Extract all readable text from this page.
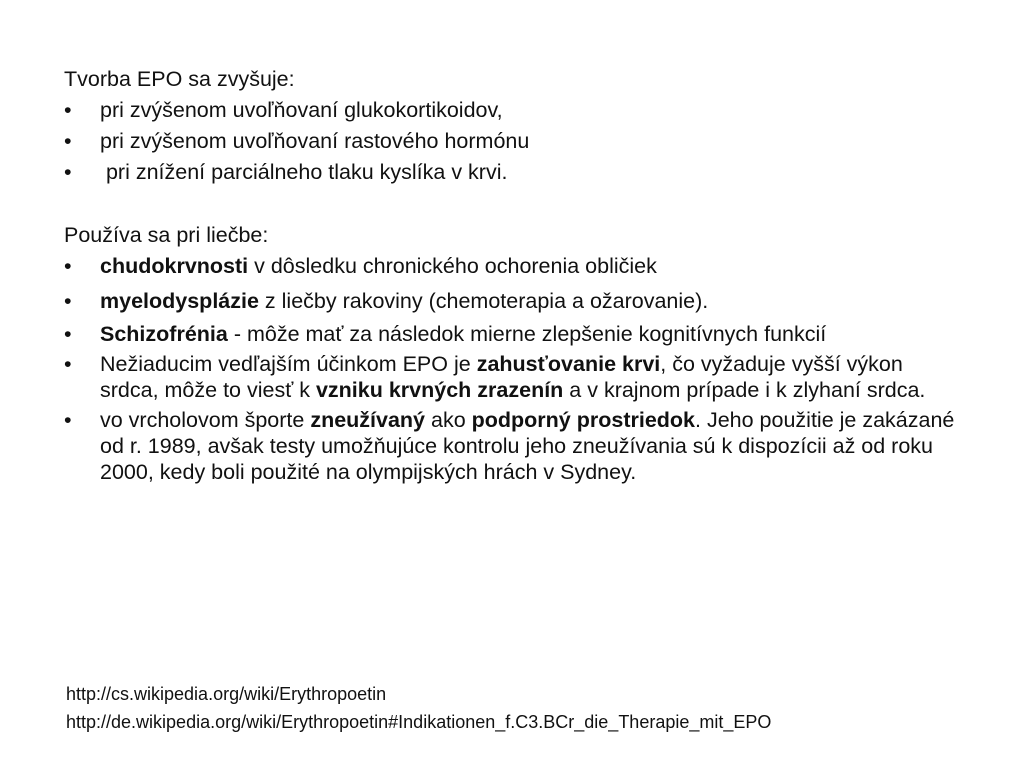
Tvorba EPO sa zvyšuje:

• pri zvýšenom uvoľňovaní glukokortikoidov,
• pri zvýšenom uvoľňovaní rastového hormónu
• pri znížení parciálneho tlaku kyslíka v krvi.

Používa sa pri liečbe:

• chudokrvnosti v dôsledku chronického ochorenia obličiek
• myelodysplázie z liečby rakoviny (chemoterapia a ožarovanie).
• Schizofrénia - môže mať za následok mierne zlepšenie kognitívnych funkcií
• Nežiaducim vedľajším účinkom EPO je zahusťovanie krvi, čo vyžaduje vyšší výkon srdca, môže to viesť k vzniku krvných zrazenín a v krajnom prípade i k zlyhaní srdca.
• vo vrcholovom športe zneužívaný ako podporný prostriedok. Jeho použitie je zakázané od r. 1989, avšak testy umožňujúce kontrolu jeho zneužívania sú k dispozícii až od roku 2000, kedy boli použité na olympijských hrách v Sydney.
http://cs.wikipedia.org/wiki/Erythropoetin
http://de.wikipedia.org/wiki/Erythropoetin#Indikationen_f.C3.BCr_die_Therapie_mit_EPO
